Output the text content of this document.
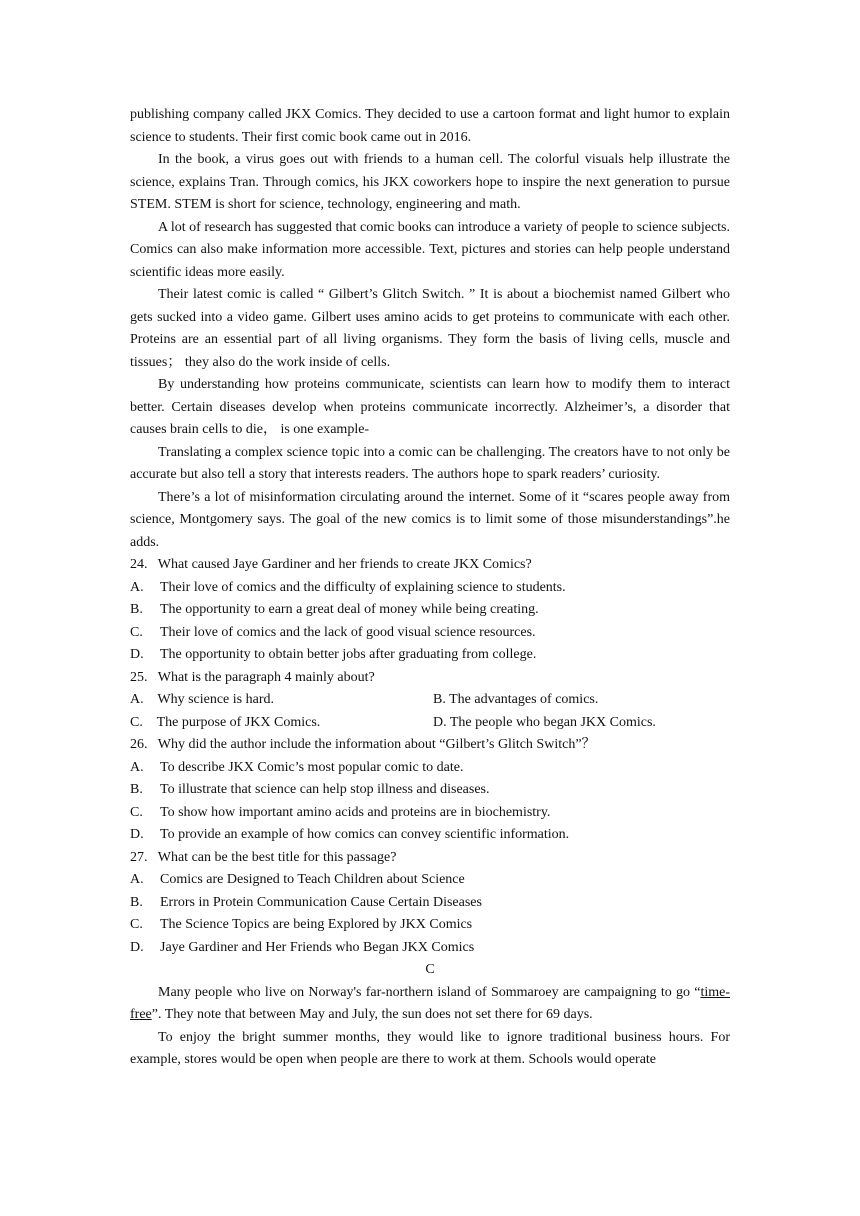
publishing company called JKX Comics. They decided to use a cartoon format and light humor to explain science to students. Their first comic book came out in 2016.

In the book, a virus goes out with friends to a human cell. The colorful visuals help illustrate the science, explains Tran. Through comics, his JKX coworkers hope to inspire the next generation to pursue STEM. STEM is short for science, technology, engineering and math.

A lot of research has suggested that comic books can introduce a variety of people to science subjects. Comics can also make information more accessible. Text, pictures and stories can help people understand scientific ideas more easily.

Their latest comic is called “ Gilbert’s Glitch Switch. ” It is about a biochemist named Gilbert who gets sucked into a video game. Gilbert uses amino acids to get proteins to communicate with each other. Proteins are an essential part of all living organisms. They form the basis of living cells, muscle and tissues； they also do the work inside of cells.

By understanding how proteins communicate, scientists can learn how to modify them to interact better. Certain diseases develop when proteins communicate incorrectly. Alzheimer’s, a disorder that causes brain cells to die， is one example-

Translating a complex science topic into a comic can be challenging. The creators have to not only be accurate but also tell a story that interests readers. The authors hope to spark readers’ curiosity.

There’s a lot of misinformation circulating around the internet. Some of it “scares people away from science, Montgomery says. The goal of the new comics is to limit some of those misunderstandings”.he adds.

24.   What caused Jaye Gardiner and her friends to create JKX Comics?

A. Their love of comics and the difficulty of explaining science to students.

B. The opportunity to earn a great deal of money while being creating.

C. Their love of comics and the lack of good visual science resources.

D. The opportunity to obtain better jobs after graduating from college.

25.   What is the paragraph 4 mainly about?

A.    Why science is hard.	B. The advantages of comics.
C.    The purpose of JKX Comics.	D. The people who began JKX Comics.

26.   Why did the author include the information about “Gilbert’s Glitch Switch”？

A. To describe JKX Comic’s most popular comic to date.

B. To illustrate that science can help stop illness and diseases.

C. To show how important amino acids and proteins are in biochemistry.

D. To provide an example of how comics can convey scientific information.

27.   What can be the best title for this passage?

A. Comics are Designed to Teach Children about Science

B. Errors in Protein Communication Cause Certain Diseases

C. The Science Topics are being Explored by JKX Comics

D. Jaye Gardiner and Her Friends who Began JKX Comics

C

Many people who live on Norway's far-northern island of Sommaroey are campaigning to go “time-free”. They note that between May and July, the sun does not set there for 69 days.

To enjoy the bright summer months, they would like to ignore traditional business hours. For example, stores would be open when people are there to work at them. Schools would operate
